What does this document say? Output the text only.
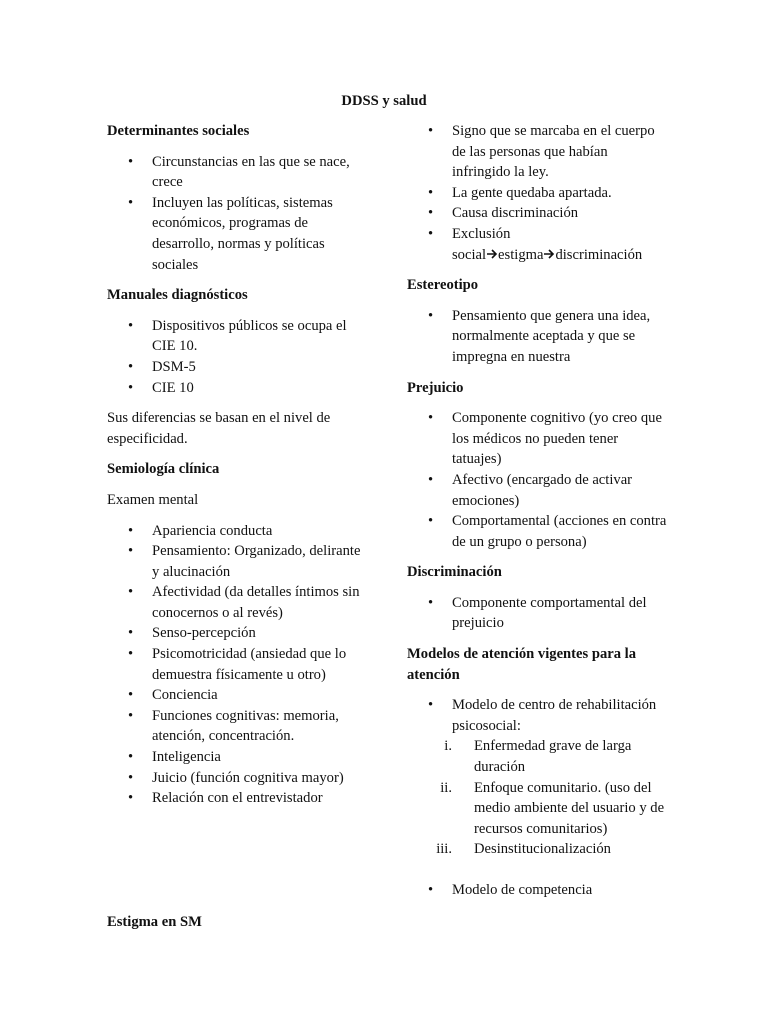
DDSS y salud

Determinantes sociales

• Circunstancias en las que se nace, crece
• Incluyen las políticas, sistemas económicos, programas de desarrollo, normas y políticas sociales

Manuales diagnósticos

• Dispositivos públicos se ocupa el CIE 10.
• DSM-5
• CIE 10

Sus diferencias se basan en el nivel de especificidad.

Semiología clínica

Examen mental

• Apariencia conducta
• Pensamiento: Organizado, delirante y alucinación
• Afectividad (da detalles íntimos sin conocernos o al revés)
• Senso-percepción
• Psicomotricidad (ansiedad que lo demuestra físicamente u otro)
• Conciencia
• Funciones cognitivas: memoria, atención, concentración.
• Inteligencia
• Juicio (función cognitiva mayor)
• Relación con el entrevistador

Estigma en SM

• Signo que se marcaba en el cuerpo de las personas que habían infringido la ley.
• La gente quedaba apartada.
• Causa discriminación
• Exclusión
social estigma discriminación

Estereotipo

• Pensamiento que genera una idea, normalmente aceptada y que se impregna en nuestra

Prejuicio

• Componente cognitivo (yo creo que los médicos no pueden tener tatuajes)
• Afectivo (encargado de activar emociones)
• Comportamental (acciones en contra de un grupo o persona)

Discriminación

• Componente comportamental del prejuicio

Modelos de atención vigentes para la atención

• Modelo de centro de rehabilitación psicosocial:
i. Enfermedad grave de larga duración
ii. Enfoque comunitario. (uso del medio ambiente del usuario y de recursos comunitarios)
iii. Desinstitucionalización
• Modelo de competencia
